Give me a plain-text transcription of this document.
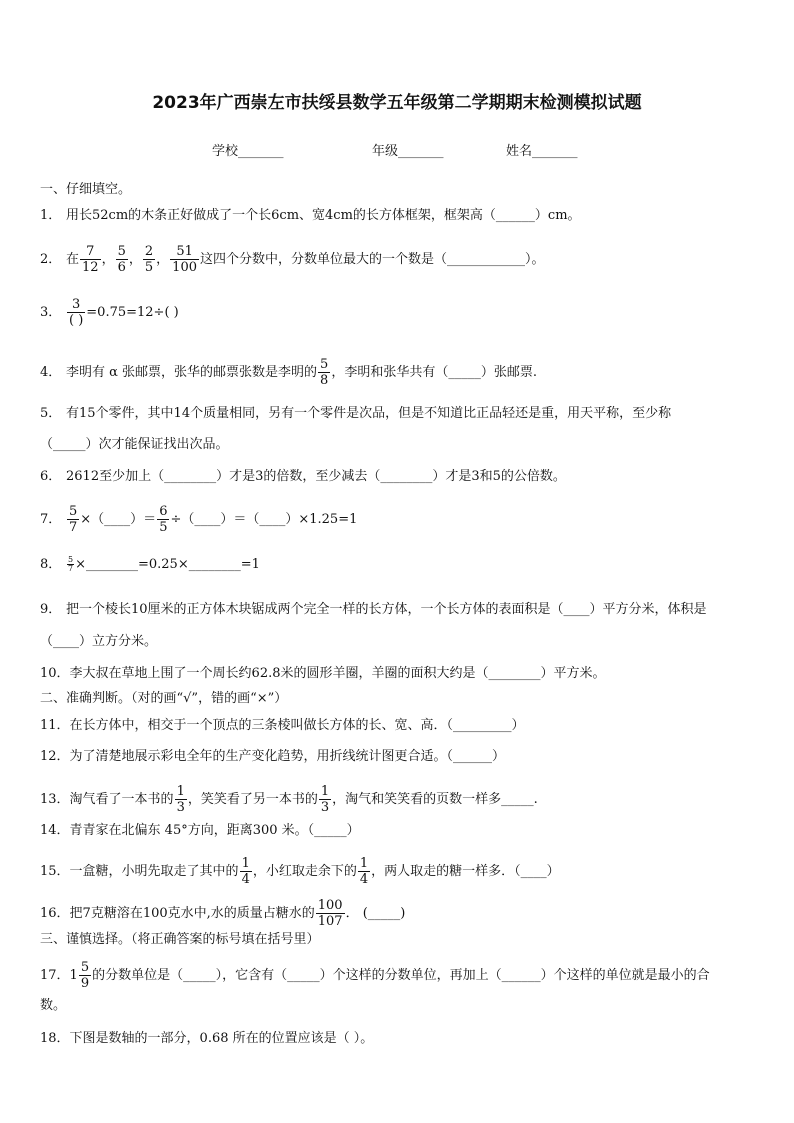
2023年广西崇左市扶绥县数学五年级第二学期期末检测模拟试题
学校_______	年级_______	姓名_______
一、仔细填空。
1． 用长52cm的木条正好做成了一个长6cm、宽4cm的长方体框架，框架高（______）cm。
2． 在 $\frac{7}{12}$ ， $\frac{5}{6}$ ， $\frac{2}{5}$ ， $\frac{51}{100}$ 这四个分数中，分数单位最大的一个数是（____________）。
3． $\frac{3}{( )} =0.75=12\div$( )
4． 李明有 α 张邮票，张华的邮票张数是李明的 $\frac{5}{8}$ ，李明和张华共有（_____）张邮票.
5． 有15个零件，其中14个质量相同，另有一个零件是次品，但是不知道比正品轻还是重，用天平称，至少称
（_____）次才能保证找出次品。
6． 2612至少加上（________）才是3的倍数，至少减去（________）才是3和5的公倍数。
7． $\frac{5}{7}$ ×（____）＝ $\frac{6}{5}$ ÷（____）＝（____）×1.25=1
8． $\frac{5}{7}$ ×________=0.25×________=1
9． 把一个棱长10厘米的正方体木块锯成两个完全一样的长方体，一个长方体的表面积是（____）平方分米，体积是
（____）立方分米。
10．李大叔在草地上围了一个周长约62.8米的圆形羊圈，羊圈的面积大约是（________）平方米。
二、准确判断。（对的画“√”，错的画“×”）
11．在长方体中，相交于一个顶点的三条棱叫做长方体的长、宽、高．（_________）
12．为了清楚地展示彩电全年的生产变化趋势，用折线统计图更合适。（______）
13．淘气看了一本书的 $\frac{1}{3}$ ，笑笑看了另一本书的 $\frac{1}{3}$ ，淘气和笑笑看的页数一样多_____.
14．青青家在北偏东 45°方向，距离300 米。（_____）
15．一盒糖，小明先取走了其中的 $\frac{1}{4}$ ，小红取走余下的 $\frac{1}{4}$ ，两人取走的糖一样多．（____）
16．把7克糖溶在100克水中,水的质量占糖水的 $\frac{100}{107}$ ． (_____)
三、谨慎选择。（将正确答案的标号填在括号里）
17．$1 \frac{5}{9}$ 的分数单位是（_____），它含有（_____）个这样的分数单位，再加上（______）个这样的单位就是最小的合
数。
18．下图是数轴的一部分，0.68 所在的位置应该是（ ）。
